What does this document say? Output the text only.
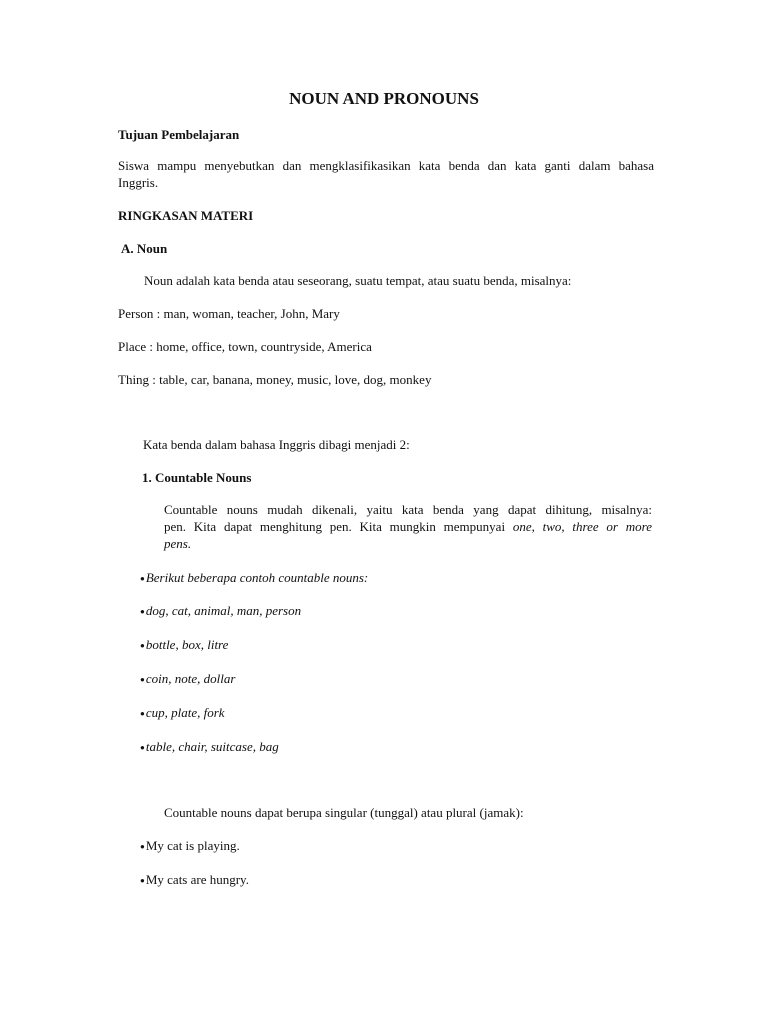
NOUN AND PRONOUNS
Tujuan Pembelajaran
Siswa mampu menyebutkan dan mengklasifikasikan kata benda dan kata ganti dalam bahasa
Inggris.
RINGKASAN MATERI
A. Noun
Noun adalah kata benda atau seseorang, suatu tempat, atau suatu benda, misalnya:
Person : man, woman, teacher, John, Mary
Place : home, office, town, countryside, America
Thing : table, car, banana, money, music, love, dog, monkey
Kata benda dalam bahasa Inggris dibagi menjadi 2:
1. Countable Nouns
Countable nouns mudah dikenali, yaitu kata benda yang dapat dihitung, misalnya:
pen. Kita dapat menghitung pen. Kita mungkin mempunyai one, two, three or more
pens.
●Berikut beberapa contoh countable nouns:
●dog, cat, animal, man, person
●bottle, box, litre
●coin, note, dollar
●cup, plate, fork
●table, chair, suitcase, bag
Countable nouns dapat berupa singular (tunggal) atau plural (jamak):
●My cat is playing.
●My cats are hungry.
